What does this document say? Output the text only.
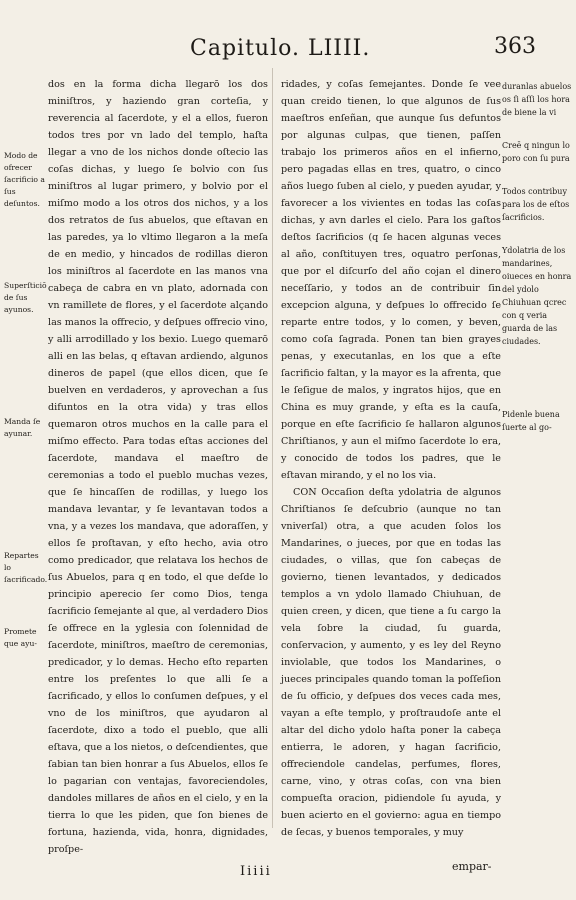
Capitulo. LIIII.	363
Modo de ofrecer ſacrificio a ſus deſuntos.
Superſticiō de ſus ayunos.
Manda ſe ayunar.
Repartes lo ſacrificado.
Promete que ayu-

dos en la forma dicha llegarō los dos miniſtros, y haziendo gran corteſia, y reverencia al ſacerdote, y el a ellos, fueron todos tres por vn lado del templo, haſta llegar a vno de los nichos donde oſtecio las coſas dichas, y luego ſe bolvio con ſus miniſtros al lugar primero, y bolvio por el miſmo modo a los otros dos nichos, y a los dos retratos de ſus abuelos, que eſtavan en las paredes, ya lo vltimo llegaron a la meſa de en medio, y hincados de rodillas dieron los miniſtros al ſacerdote en las manos vna cabeça de cabra en vn plato, adornada con vn ramillete de flores, y el ſacerdote alçando las manos la offrecio, y deſpues offrecio vino, y alli arrodillado y los bexio. Luego quemarō alli en las belas, q eſtavan ardiendo, algunos dineros de papel (que ellos dicen, que ſe buelven en verdaderos, y aprovechan a ſus difuntos en la otra vida) y tras ellos quemaron otros muchos en la calle para el miſmo effecto. Para todas eſtas acciones del ſacerdote, mandava el maeſtro de ceremonias a todo el pueblo muchas vezes, que ſe hincaſſen de rodillas, y luego los mandava levantar, y ſe levantavan todos a vna, y a vezes los mandava, que adoraſſen, y ellos ſe proſtavan, y eſto hecho, avia otro como predicador, que relatava los hechos de ſus Abuelos, para q en todo, el que deſde lo principio aperecio ſer como Dios, tenga ſacrificio ſemejante al que, al verdadero Dios ſe offrece en la yglesia con ſolennidad de ſacerdote, miniſtros, maeſtro de ceremonias, predicador, y lo demas. Hecho eſto reparten entre los preſentes lo que alli ſe a ſacrificado, y ellos lo conſumen deſpues, y el vno de los miniſtros, que ayudaron al ſacerdote, dixo a todo el pueblo, que alli eſtava, que a los nietos, o deſcendientes, que ſabian tan bien honrar a ſus Abuelos, ellos ſe lo pagarian con ventajas, favoreciendoles, dandoles millares de años en el cielo, y en la tierra lo que les piden, que ſon bienes de fortuna, hazienda, vida, honra, dignidades, proſpe-

ridades, y coſas ſemejantes. Donde ſe vee quan creido tienen, lo que algunos de ſus maeſtros enſeñan, que aunque ſus defuntos por algunas culpas, que tienen, paſſen trabajo los primeros años en el infierno, pero pagadas ellas en tres, quatro, o cinco años luego ſuben al cielo, y pueden ayudar, y favorecer a los vivientes en todas las coſas dichas, y avn darles el cielo. Para los gaſtos deſtos ſacrificios (q ſe hacen algunas veces al año, conſtituyen tres, oquatro perſonas, que por el diſcurſo del año cojan el dinero neceſſario, y todos an de contribuir ſin excepcion alguna, y deſpues lo offrecido ſe reparte entre todos, y lo comen, y beven, como coſa ſagrada. Ponen tan bien grayes penas, y executanlas, en los que a eſte ſacrificio faltan, y la mayor es la afrenta, que le ſeſiguе de malos, y ingratos hijos, que en China es muy grande, y eſta es la cauſa, porque en eſte ſacrificio ſe hallaron algunos Chriſtianos, y aun el miſmo ſacerdote lo era, y conocido de todos los padres, que le eſtavan mirando, y el no los via.

CON Occaſion deſta ydolatria de algunos Chriſtianos ſe deſcubrio (aunque no tan vniverſal) otra, a que acuden ſolos los Mandarines, o jueces, por que en todas las ciudades, o villas, que ſon cabeças de govierno, tienen levantados, y dedicados templos a vn ydolo llamado Chiuhuan, de quien creen, y dicen, que tiene a ſu cargo la vela ſobre la ciudad, ſu guarda, conſervacion, y aumento, y es ley del Reyno inviolable, que todos los Mandarines, o jueces principales quando toman la poſſeſion de ſu officio, y deſpues dos veces cada mes, vayan a eſte templo, y proſtraudoſe ante el altar del dicho ydolo haſta poner la cabeça entierra, le adoren, y hagan ſacrificio, offreciendole candelas, perfumes, flores, carne, vino, y otras coſas, con vna bien compueſta oracion, pidiendole ſu ayuda, y buen acierto en el govierno: agua en tiempo de ſecas, y buenos temporales, y muy

duranlas abuelos os ſi aſſi los hora de biene la vi
Creē q ningun lo poro con ſu pura
Todos contribuy para los de eſtos ſacrificios.
Ydolatria de los mandarines, oiueces en honra del ydolo Chiuhuan qcrec con q veria guarda de las ciudades.
Pidenle buena ſuerte al go-
Iiiii	empar-
